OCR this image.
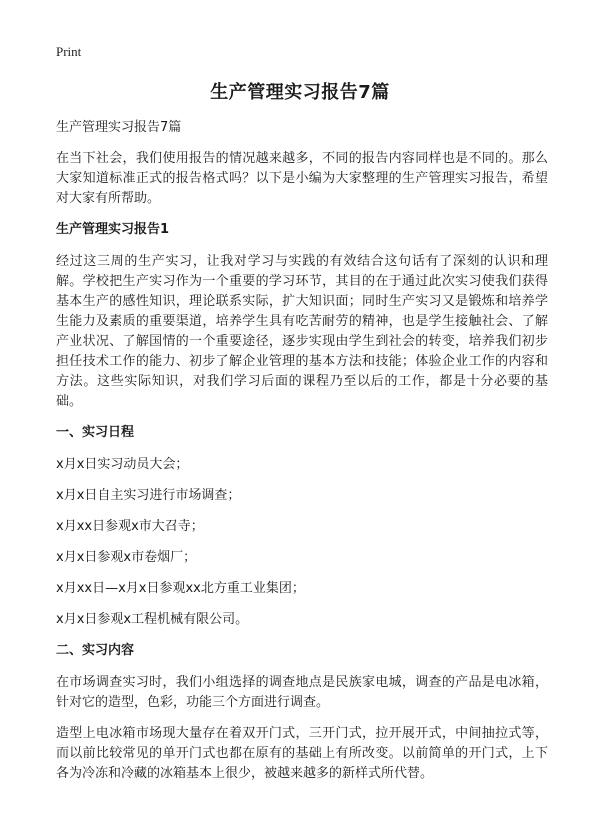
Print
生产管理实习报告7篇

生产管理实习报告7篇

在当下社会，我们使用报告的情况越来越多，不同的报告内容同样也是不同的。那么大家知道标准正式的报告格式吗？以下是小编为大家整理的生产管理实习报告，希望对大家有所帮助。

生产管理实习报告1

经过这三周的生产实习，让我对学习与实践的有效结合这句话有了深刻的认识和理解。学校把生产实习作为一个重要的学习环节，其目的在于通过此次实习使我们获得基本生产的感性知识，理论联系实际，扩大知识面；同时生产实习又是锻炼和培养学生能力及素质的重要渠道，培养学生具有吃苦耐劳的精神，也是学生接触社会、了解产业状况、了解国情的一个重要途径，逐步实现由学生到社会的转变，培养我们初步担任技术工作的能力、初步了解企业管理的基本方法和技能；体验企业工作的内容和方法。这些实际知识，对我们学习后面的课程乃至以后的工作，都是十分必要的基础。

一、实习日程

x月x日实习动员大会；

x月x日自主实习进行市场调查；

x月xx日参观x市大召寺；

x月x日参观x市卷烟厂；

x月xx日—x月x日参观xx北方重工业集团；

x月x日参观x工程机械有限公司。

二、实习内容

在市场调查实习时，我们小组选择的调查地点是民族家电城，调查的产品是电冰箱，针对它的造型，色彩，功能三个方面进行调查。

造型上电冰箱市场现大量存在着双开门式，三开门式，拉开展开式，中间抽拉式等，而以前比较常见的单开门式也都在原有的基础上有所改变。以前简单的开门式，上下各为冷冻和冷藏的冰箱基本上很少，被越来越多的新样式所代替。
